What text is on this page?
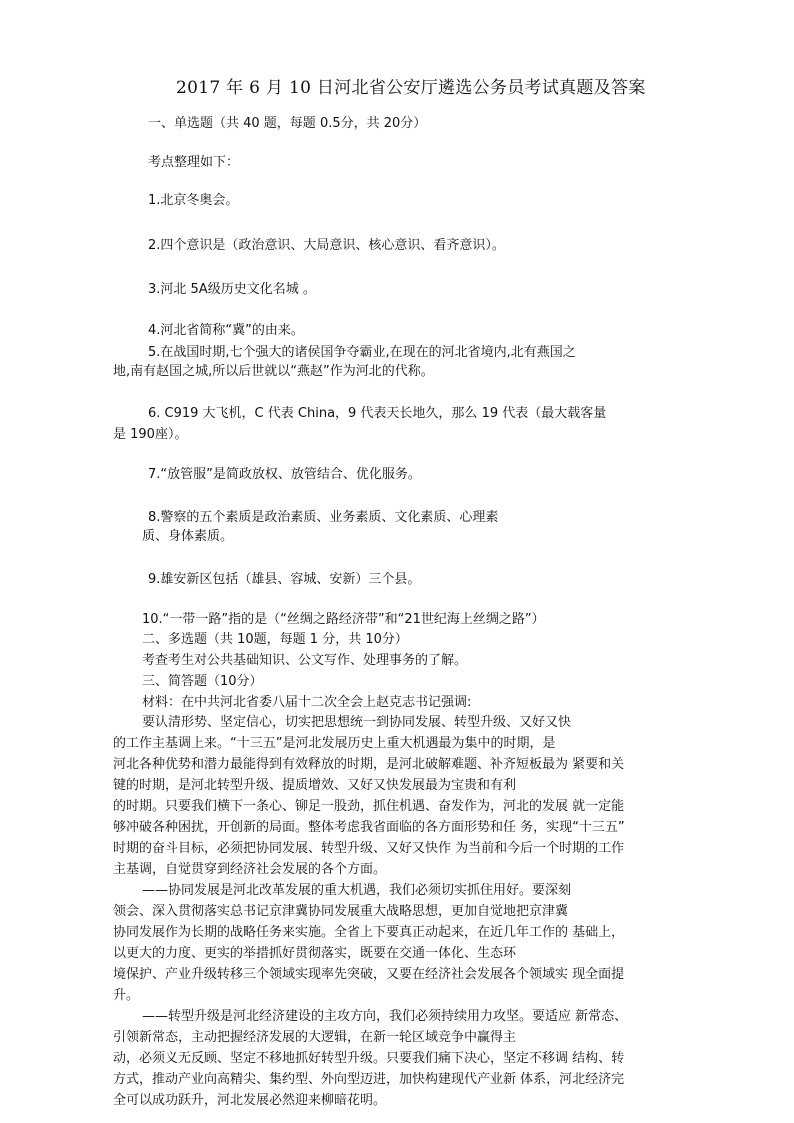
2017 年 6 月 10 日河北省公安厅遴选公务员考试真题及答案
一、单选题（共 40 题，每题 0.5分，共 20分）
考点整理如下：
1.北京冬奥会。
2.四个意识是（政治意识、大局意识、核心意识、看齐意识）。
3.河北 5A级历史文化名城 。
4.河北省简称“冀”的由来。
5.在战国时期,七个强大的诸侯国争夺霸业,在现在的河北省境内,北有燕国之
地,南有赵国之城,所以后世就以“燕赵”作为河北的代称。
6. C919 大飞机，C 代表 China，9 代表天长地久，那么 19 代表（最大载客量
是 190座）。
7.“放管服”是简政放权、放管结合、优化服务。
8.警察的五个素质是政治素质、业务素质、文化素质、心理素
质、身体素质。
9.雄安新区包括（雄县、容城、安新）三个县。
10.“一带一路”指的是（“丝绸之路经济带”和“21世纪海上丝绸之路”）
二、多选题（共 10题，每题 1 分，共 10分）
考查考生对公共基础知识、公文写作、处理事务的了解。
三、简答题（10分）
材料：在中共河北省委八届十二次全会上赵克志书记强调:
要认清形势、坚定信心，切实把思想统一到协同发展、转型升级、又好又快
的工作主基调上来。“十三五”是河北发展历史上重大机遇最为集中的时期，是
河北各种优势和潜力最能得到有效释放的时期，是河北破解难题、补齐短板最为 紧要和关
键的时期，是河北转型升级、提质增效、又好又快发展最为宝贵和有利
的时期。只要我们横下一条心、铆足一股劲，抓住机遇、奋发作为，河北的发展 就一定能
够冲破各种困扰，开创新的局面。整体考虑我省面临的各方面形势和任 务，实现“十三五”
时期的奋斗目标，必须把协同发展、转型升级、又好又快作 为当前和今后一个时期的工作
主基调，自觉贯穿到经济社会发展的各个方面。
——协同发展是河北改革发展的重大机遇，我们必须切实抓住用好。要深刻
领会、深入贯彻落实总书记京津冀协同发展重大战略思想，更加自觉地把京津冀
协同发展作为长期的战略任务来实施。全省上下要真正动起来，在近几年工作的 基础上，
以更大的力度、更实的举措抓好贯彻落实，既要在交通一体化、生态环
境保护、产业升级转移三个领域实现率先突破，又要在经济社会发展各个领域实 现全面提
升。
——转型升级是河北经济建设的主攻方向，我们必须持续用力攻坚。要适应 新常态、
引领新常态，主动把握经济发展的大逻辑，在新一轮区域竞争中赢得主
动，必须义无反顾、坚定不移地抓好转型升级。只要我们痛下决心，坚定不移调 结构、转
方式，推动产业向高精尖、集约型、外向型迈进，加快构建现代产业新 体系，河北经济完
全可以成功跃升，河北发展必然迎来柳暗花明。
